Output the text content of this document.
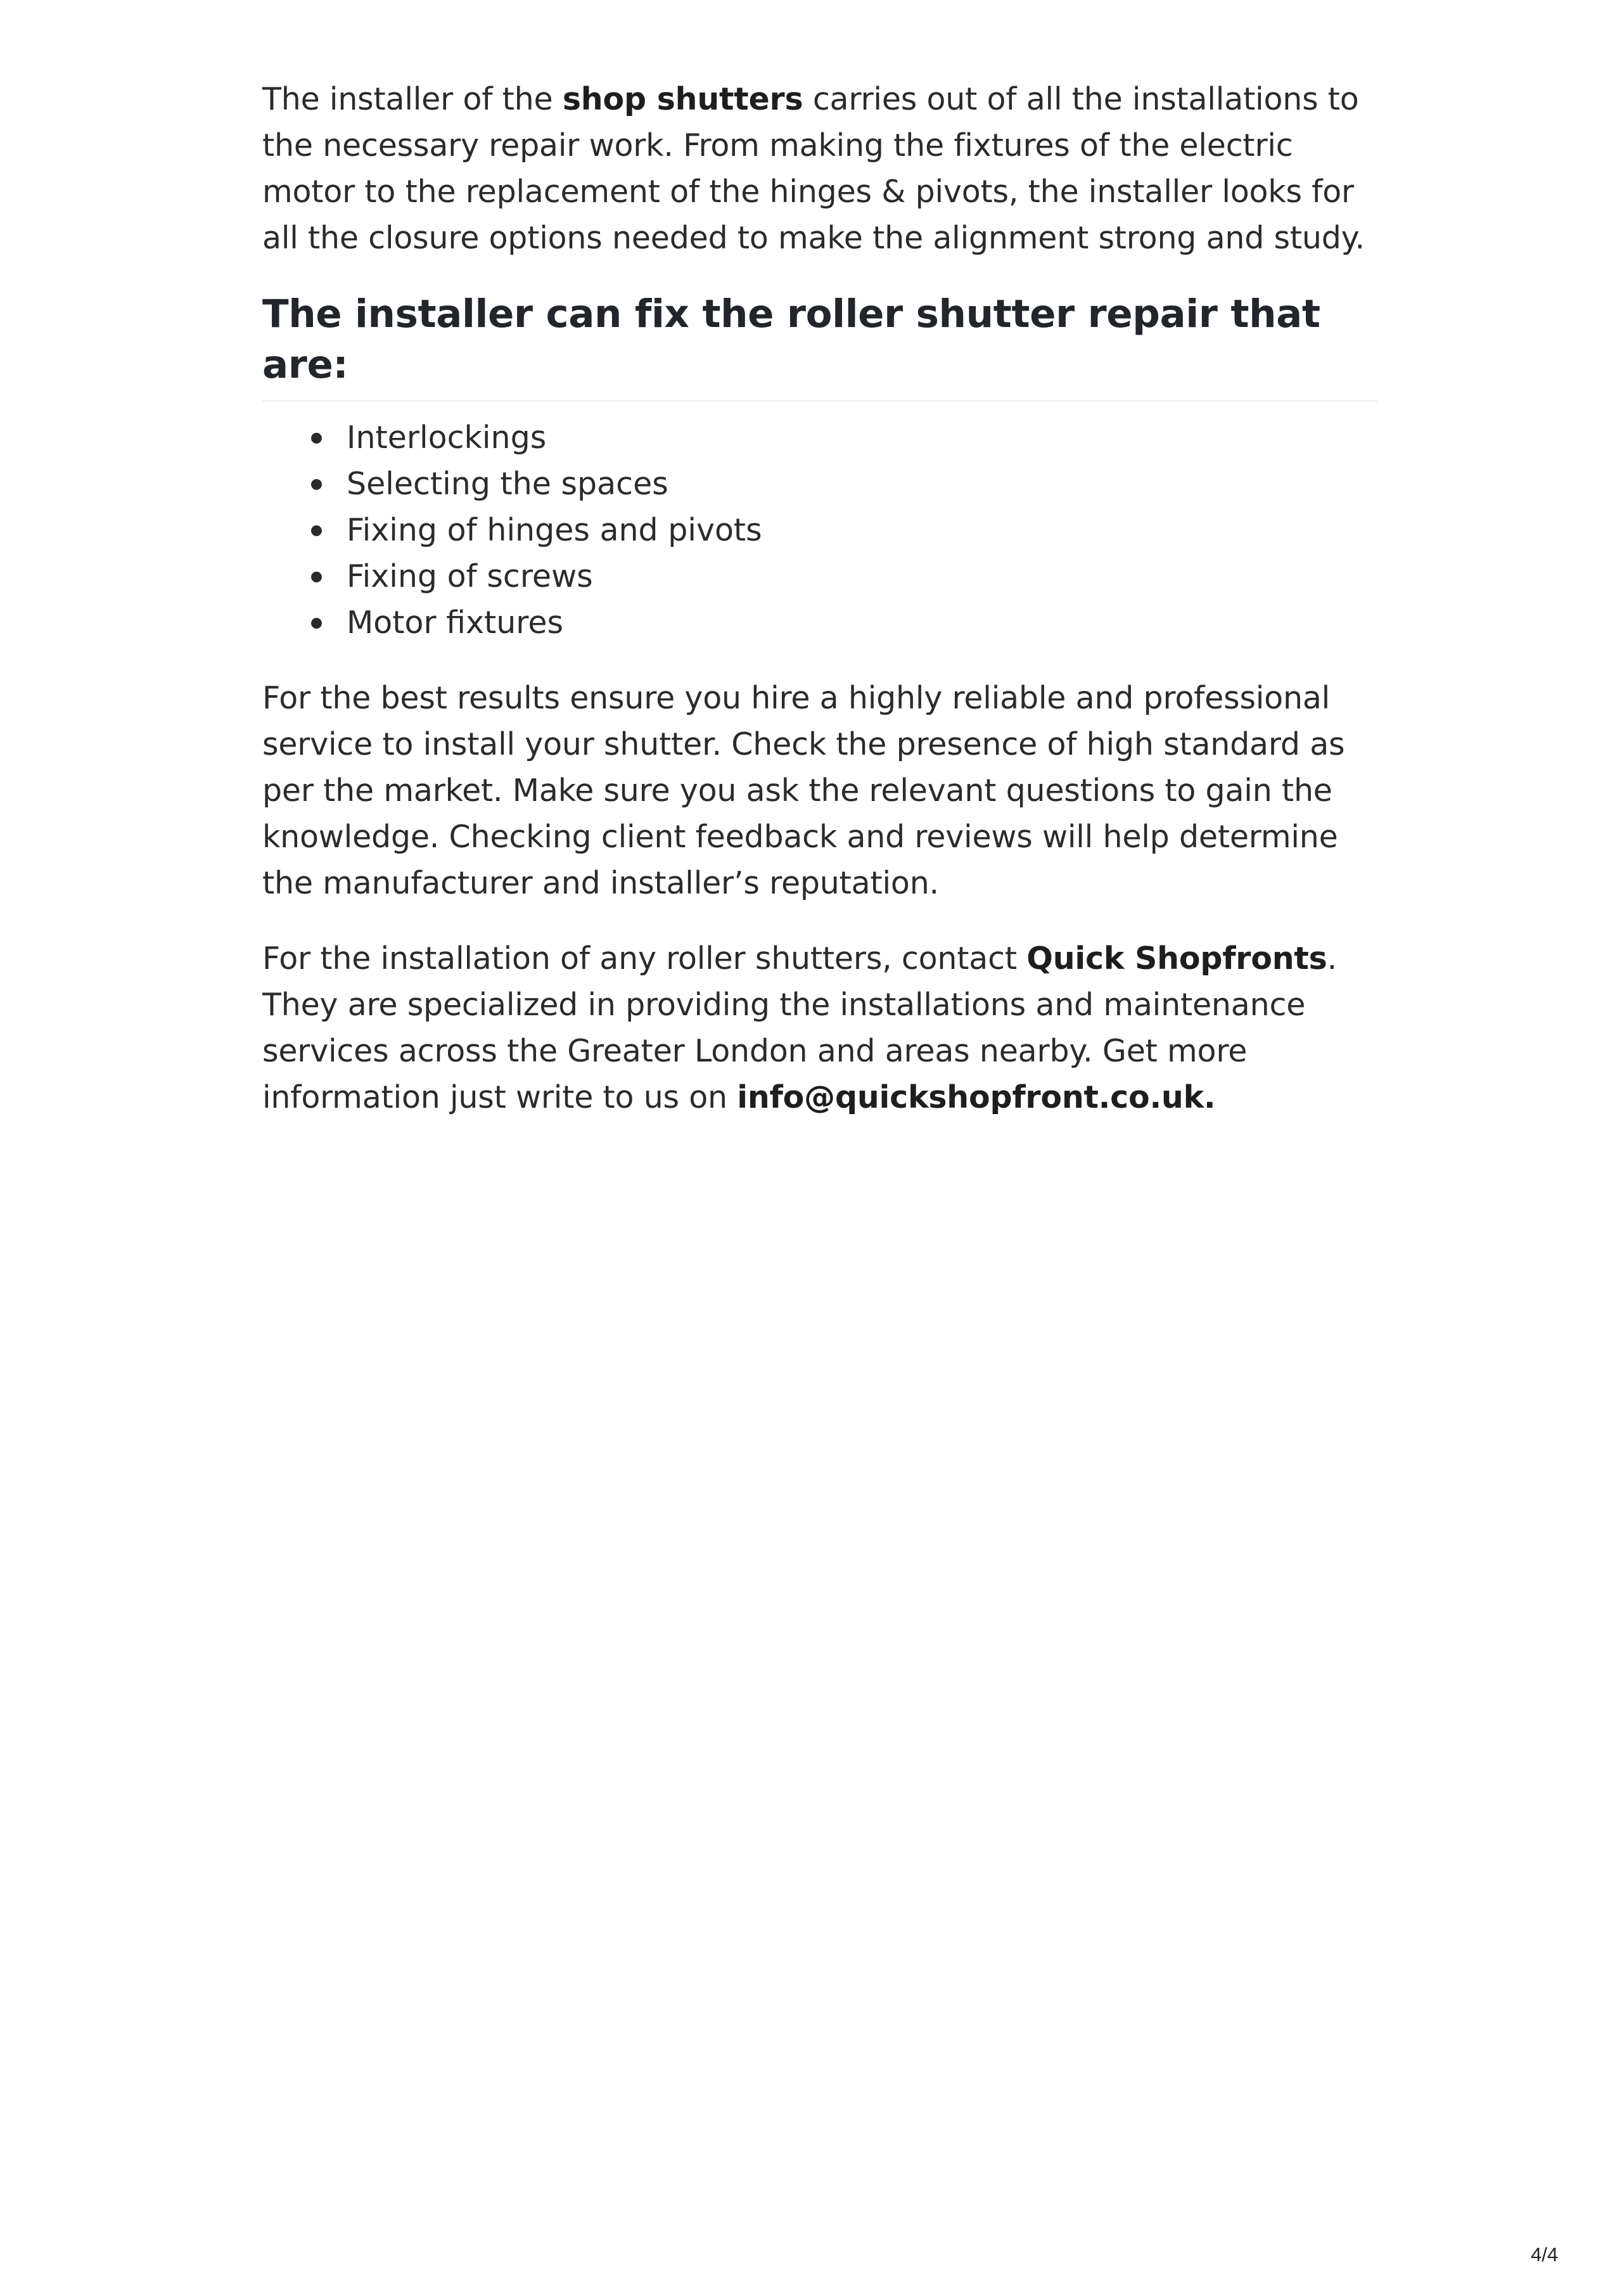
The installer of the shop shutters carries out of all the installations to the necessary repair work. From making the fixtures of the electric motor to the replacement of the hinges & pivots, the installer looks for all the closure options needed to make the alignment strong and study.

The installer can fix the roller shutter repair that are:
Interlockings
Selecting the spaces
Fixing of hinges and pivots
Fixing of screws
Motor fixtures

For the best results ensure you hire a highly reliable and professional service to install your shutter. Check the presence of high standard as per the market. Make sure you ask the relevant questions to gain the knowledge. Checking client feedback and reviews will help determine the manufacturer and installer’s reputation.

For the installation of any roller shutters, contact Quick Shopfronts. They are specialized in providing the installations and maintenance services across the Greater London and areas nearby. Get more information just write to us on info@quickshopfront.co.uk.

4/4
